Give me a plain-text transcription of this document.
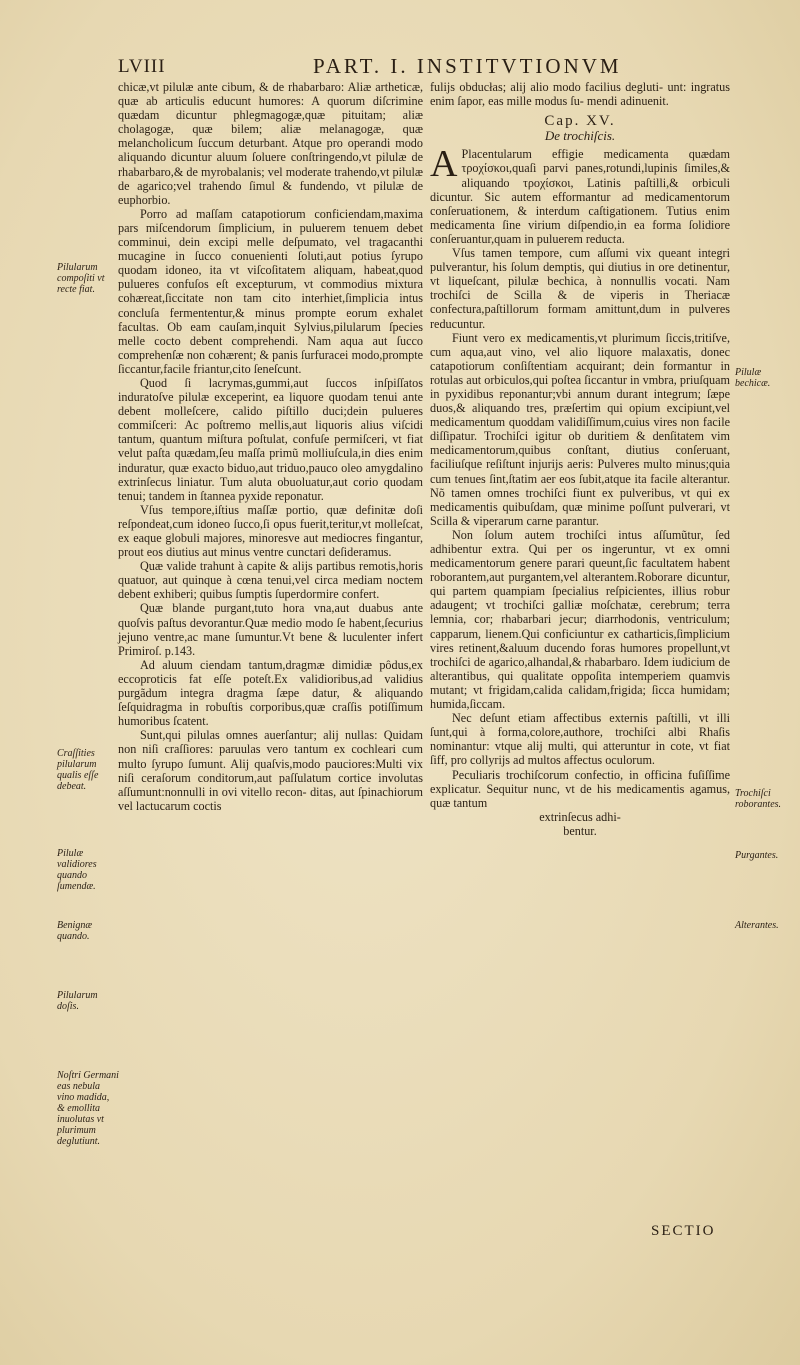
LVIII	PART. I. INSTITVTIONVM

chicæ,vt pilulæ ante cibum, & de rhabarbaro: Aliæ artheticæ, quæ ab articulis educunt humores: A quorum diſcrimine quædam dicuntur phlegmagogæ,quæ pituitam; aliæ cholagogæ, quæ bilem; aliæ melanagogæ, quæ melancholicum ſuccum deturbant. Atque pro operandi modo aliquando dicuntur aluum ſoluere conſtringendo,vt pilulæ de rhabarbaro,& de myrobalanis; vel moderate trahendo,vt pilulæ de agarico;vel trahendo ſimul & fundendo, vt pilulæ de euphorbio.

Porro ad maſſam catapotiorum conficiendam,maxima pars miſcendorum ſimplicium, in puluerem tenuem debet comminui, dein excipi melle deſpumato, vel tragacanthi mucagine in ſucco conuenienti ſoluti,aut potius ſyrupo quodam idoneo, ita vt viſcoſitatem aliquam, habeat,quod pulueres confuſos eſt excepturum, vt commodius mixtura cohæreat,ſiccitate non tam cito interhiet,ſimplicia intus concluſa fermententur,& minus prompte eorum exhalet facultas. Ob eam cauſam,inquit Sylvius,pilularum ſpecies melle cocto debent comprehendi. Nam aqua aut ſucco comprehenſæ non cohærent; & panis ſurfuracei modo,prompte ſiccantur,facile friantur,cito ſeneſcunt.

Quod ſi lacrymas,gummi,aut ſuccos inſpiſſatos induratoſve pilulæ exceperint, ea liquore quodam tenui ante debent molleſcere, calido piſtillo duci;dein pulueres commiſceri: Ac poſtremo mellis,aut liquoris alius viſcidi tantum, quantum miſtura poſtulat, confuſe permiſceri, vt fiat velut paſta quædam,ſeu maſſa primũ molliuſcula,in dies enim induratur, quæ exacto biduo,aut triduo,pauco oleo amygdalino extrinſecus liniatur. Tum aluta obuoluatur,aut corio quodam tenui; tandem in ſtannea pyxide reponatur.

Vſus tempore,iſtius maſſæ portio, quæ definitæ doſi reſpondeat,cum idoneo ſucco,ſi opus fuerit,teritur,vt molleſcat, ex eaque globuli majores, minoresve aut mediocres fingantur, prout eos diutius aut minus ventre cunctari deſideramus.

Quæ valide trahunt à capite & alijs partibus remotis,horis quatuor, aut quinque à cœna tenui,vel circa mediam noctem debent exhiberi; quibus ſumptis ſuperdormire confert.

Quæ blande purgant,tuto hora vna,aut duabus ante quoſvis paſtus devorantur.Quæ medio modo ſe habent,ſecurius jejuno ventre,ac mane ſumuntur.Vt bene & luculenter infert Primiroſ. p.143.

Ad aluum ciendam tantum,dragmæ dimidiæ pôdus,ex eccoproticis fat eſſe poteſt.Ex validioribus,ad validius purgãdum integra dragma ſæpe datur, & aliquando ſeſquidragma in robuſtis corporibus,quæ craſſis potiſſimum humoribus ſcatent.

Sunt,qui pilulas omnes auerſantur; alij nullas: Quidam non niſi craſſiores: paruulas vero tantum ex cochleari cum multo ſyrupo ſumunt. Alij quaſvis,modo pauciores:Multi vix niſi ceraſorum conditorum,aut paſſulatum cortice involutas aſſumunt:nonnulli in ovi vitello recon- ditas, aut ſpinachiorum vel lactucarum coctis

fulijs obducłas; alij alio modo facilius degluti- unt: ingratus enim ſapor, eas mille modus ſu- mendi adinuenit.

Cap. XV.
De trochiſcis.

A Placentularum effigie medicamenta quædam τροχίσκοι,quaſi parvi panes,rotundi,lupinis ſimiles,& aliquando τροχίσκοι, Latinis paſtilli,& orbiculi dicuntur. Sic autem efformantur ad medicamentorum conſeruationem, & interdum caſtigationem. Tutius enim medicamenta ſine virium diſpendio,in ea forma ſolidiore conſeruantur,quam in puluerem reducta.

Vſus tamen tempore, cum aſſumi vix queant integri pulverantur, his ſolum demptis, qui diutius in ore detinentur, vt liqueſcant, pilulæ bechica, à nonnullis vocati. Nam trochiſci de Scilla & de viperis in Theriacæ confectura,paſtillorum formam amittunt,dum in pulveres reducuntur.

Fiunt vero ex medicamentis,vt plurimum ſiccis,tritiſve, cum aqua,aut vino, vel alio liquore malaxatis, donec catapotiorum conſiſtentiam acquirant; dein formantur in rotulas aut orbiculos,qui poſtea ſiccantur in vmbra, priuſquam in pyxidibus reponantur;vbi annum durant integrum; ſæpe duos,& aliquando tres, præſertim qui opium excipiunt,vel medicamentum quoddam validiſſimum,cuius vires non facile diſſipatur. Trochiſci igitur ob duritiem & denſitatem vim medicamentorum,quibus conſtant, diutius conſeruant, faciliuſque reſiſtunt injurijs aeris: Pulveres multo minus;quia cum tenues ſint,ſtatim aer eos ſubit,atque ita facile alterantur. Nõ tamen omnes trochiſci fiunt ex pulveribus, vt qui ex medicamentis quibuſdam, quæ minime poſſunt pulverari, vt Scilla & viperarum carne parantur.

Non ſolum autem trochiſci intus aſſumũtur, ſed adhibentur extra. Qui per os ingeruntur, vt ex omni medicamentorum genere parari queunt,ſic facultatem habent roborantem,aut purgantem,vel alterantem.Roborare dicuntur, qui partem quampiam ſpecialius reſpicientes, illius robur adaugent; vt trochiſci galliæ moſchatæ, cerebrum; terra lemnia, cor; rhabarbari jecur; diarrhodonis, ventriculum; capparum, lienem.Qui conficiuntur ex catharticis,ſimplicium vires retinent,&aluum ducendo foras humores propellunt,vt trochiſci de agarico,alhandal,& rhabarbaro. Idem iudicium de alterantibus, qui qualitate oppoſita intemperiem quamvis mutant; vt frigidam,calida calidam,frigida; ſicca humidam; humida,ſiccam.

Nec deſunt etiam affectibus externis paſtilli, vt illi ſunt,qui à forma,colore,authore, trochiſci albi Rhaſis nominantur: vtque alij multi, qui atteruntur in cote, vt fiat ſiff, pro collyrijs ad multos affectus oculorum.

Peculiaris trochiſcorum confectio, in officina fuſiſſime explicatur. Sequitur nunc, vt de his medicamentis agamus, quæ tantum

extrinſecus adhi-
bentur.
Pilularum compoſiti vt recte fiat.
Craſſities pilularum qualis eſſe debeat.
Pilulæ validiores quando ſumendæ.
Benignæ quando.
Pilularum doſis.
Noſtri Germani eas nebula vino madida, & emollita inuolutas vt plurimum deglutiunt.
Pilulæ bechicæ.
Trochiſci roborantes.
Purgantes.
Alterantes.
SECTIO
